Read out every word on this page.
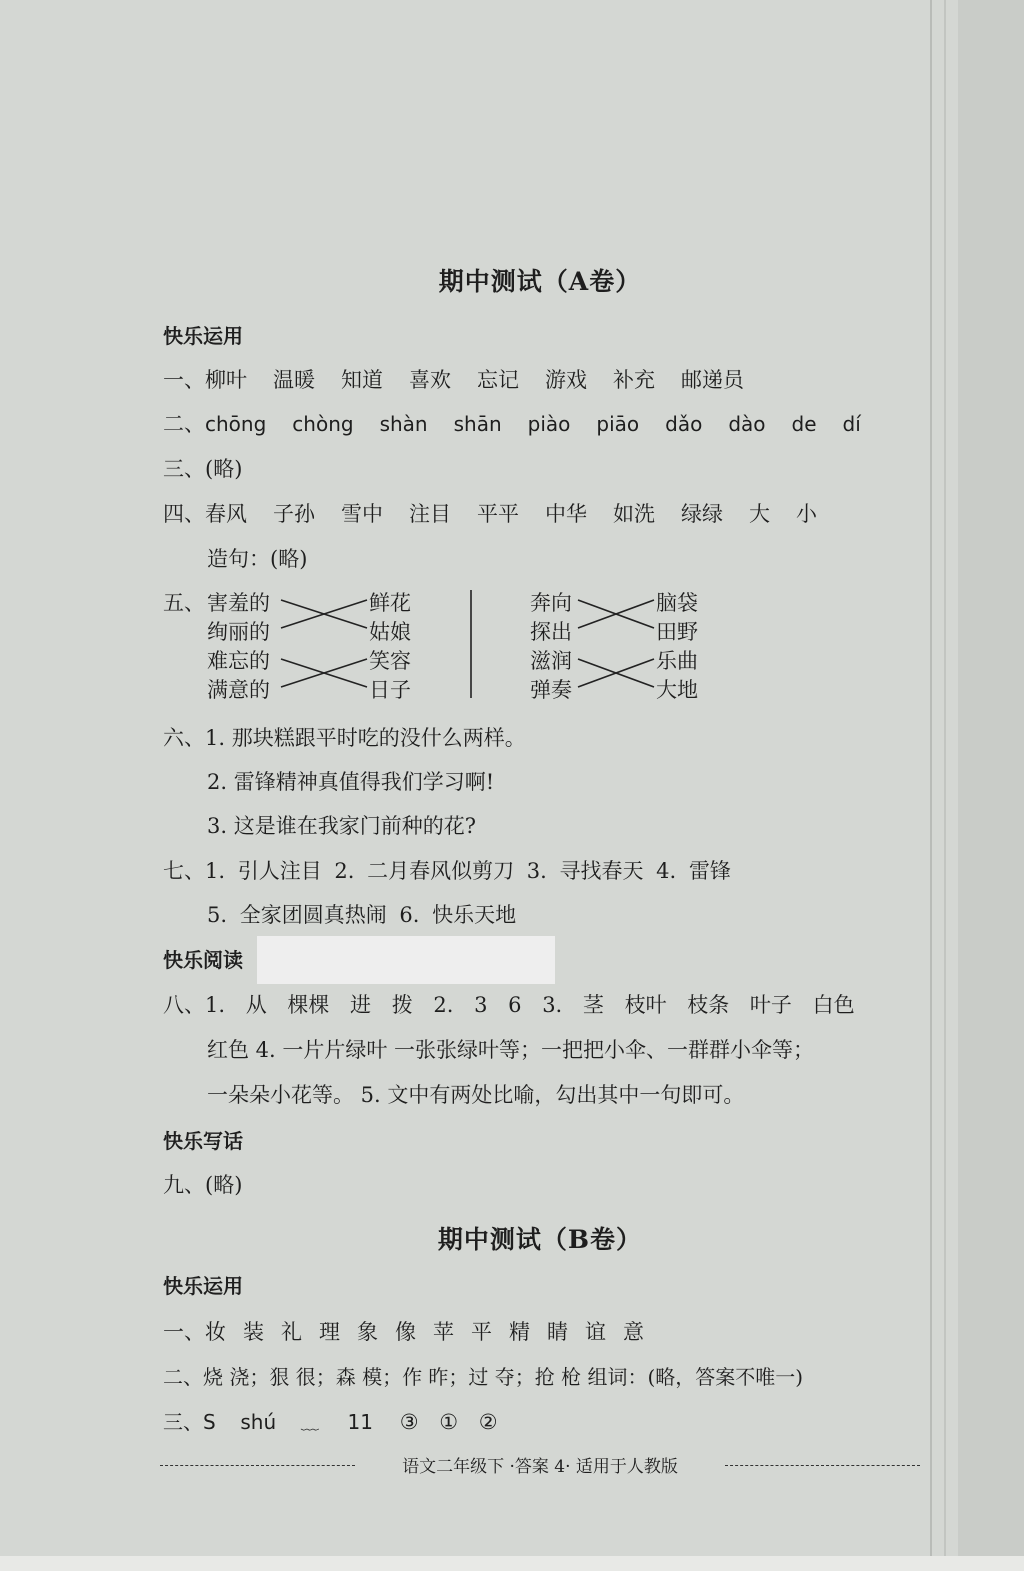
期中测试（A卷）
快乐运用
一、柳叶 温暖 知道 喜欢 忘记 游戏 补充 邮递员
二、chōng chòng shàn shān piào piāo dǎo dào de dí
三、(略)
四、春风 子孙 雪中 注目 平平 中华 如洗 绿绿 大 小
造句：(略)
五、 害羞的
绚丽的
难忘的
满意的
鲜花
姑娘
笑容
日子
奔向
探出
滋润
弹奏
脑袋
田野
乐曲
大地
六、1. 那块糕跟平时吃的没什么两样。
2. 雷锋精神真值得我们学习啊!
3. 这是谁在我家门前种的花?
七、1. 引人注目 2. 二月春风似剪刀 3. 寻找春天 4. 雷锋
5. 全家团圆真热闹 6. 快乐天地
快乐阅读
八、1. 从 棵棵 进 拨 2. 3 6 3. 茎 枝叶 枝条 叶子 白色
红色 4. 一片片绿叶 一张张绿叶等；一把把小伞、一群群小伞等；
一朵朵小花等。 5. 文中有两处比喻，勾出其中一句即可。
快乐写话
九、(略)
期中测试（B卷）
快乐运用
一、妆 装 礼 理 象 像 苹 平 精 睛 谊 意
二、烧 浇；狠 很；森 模；作 昨；过 夺；抢 枪 组词：(略，答案不唯一)
三、S shú ﹏ 11 ③ ① ②
语文二年级下 ·答案 4· 适用于人教版
